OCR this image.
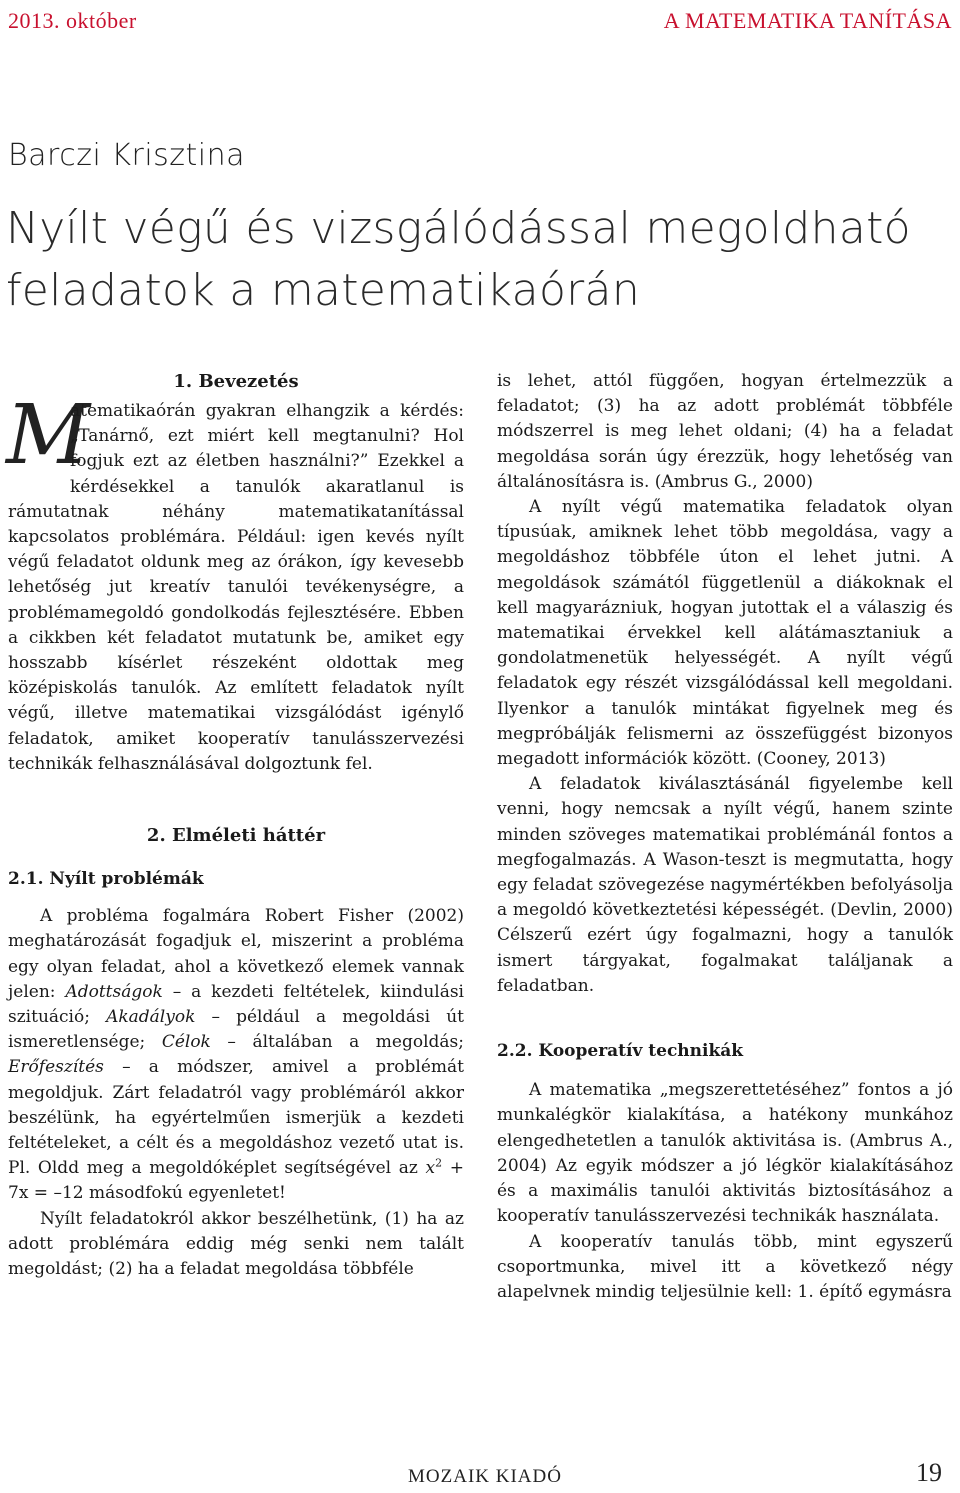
2013. október	A MATEMATIKA TANÍTÁSA
Barczi Krisztina
Nyílt végű és vizsgálódással megoldható feladatok a matematikaórán

1. Bevezetés

M
atematikaórán gyakran elhangzik a kérdés: „Tanárnő, ezt miért kell megtanulni? Hol fogjuk ezt az életben használni?” Ezekkel a kérdésekkel a tanulók akaratlanul is rámutatnak néhány matematikatanítással kapcsolatos problémára. Például: igen kevés nyílt végű feladatot oldunk meg az órákon, így kevesebb lehetőség jut kreatív tanulói tevékenységre, a problémamegoldó gondolkodás fejlesztésére. Ebben a cikkben két feladatot mutatunk be, amiket egy hosszabb kísérlet részeként oldottak meg középiskolás tanulók. Az említett feladatok nyílt végű, illetve matematikai vizsgálódást igénylő feladatok, amiket kooperatív tanulásszervezési technikák felhasználásával dolgoztunk fel.

2. Elméleti háttér

2.1. Nyílt problémák

A probléma fogalmára Robert Fisher (2002) meghatározását fogadjuk el, miszerint a probléma egy olyan feladat, ahol a következő elemek vannak jelen: Adottságok – a kezdeti feltételek, kiindulási szituáció; Akadályok – például a megoldási út ismeretlensége; Célok – általában a megoldás; Erőfeszítés – a módszer, amivel a problémát megoldjuk. Zárt feladatról vagy problémáról akkor beszélünk, ha egyértelműen ismerjük a kezdeti feltételeket, a célt és a megoldáshoz vezető utat is. Pl. Oldd meg a megoldóképlet segítségével az $x^2 + 7x = -12$ másodfokú egyenletet!

Nyílt feladatokról akkor beszélhetünk, (1) ha az adott problémára eddig még senki nem talált megoldást; (2) ha a feladat megoldása többféle

is lehet, attól függően, hogyan értelmezzük a feladatot; (3) ha az adott problémát többféle módszerrel is meg lehet oldani; (4) ha a feladat megoldása során úgy érezzük, hogy lehetőség van általánosításra is. (Ambrus G., 2000)

A nyílt végű matematika feladatok olyan típusúak, amiknek lehet több megoldása, vagy a megoldáshoz többféle úton el lehet jutni. A megoldások számától függetlenül a diákoknak el kell magyarázniuk, hogyan jutottak el a válaszig és matematikai érvekkel kell alátámasztaniuk a gondolatmenetük helyességét. A nyílt végű feladatok egy részét vizsgálódással kell megoldani. Ilyenkor a tanulók mintákat figyelnek meg és megpróbálják felismerni az összefüggést bizonyos megadott információk között. (Cooney, 2013)

A feladatok kiválasztásánál figyelembe kell venni, hogy nemcsak a nyílt végű, hanem szinte minden szöveges matematikai problémánál fontos a megfogalmazás. A Wason-teszt is megmutatta, hogy egy feladat szövegezése nagymértékben befolyásolja a megoldó következtetési képességét. (Devlin, 2000) Célszerű ezért úgy fogalmazni, hogy a tanulók ismert tárgyakat, fogalmakat találjanak a feladatban.

2.2. Kooperatív technikák

A matematika „megszerettetéséhez” fontos a jó munkalégkör kialakítása, a hatékony munkához elengedhetetlen a tanulók aktivitása is. (Ambrus A., 2004) Az egyik módszer a jó légkör kialakításához és a maximális tanulói aktivitás biztosításához a kooperatív tanulásszervezési technikák használata.

A kooperatív tanulás több, mint egyszerű csoportmunka, mivel itt a következő négy alapelvnek mindig teljesülnie kell: 1. építő egymásra

MOZAIK KIADÓ	19
